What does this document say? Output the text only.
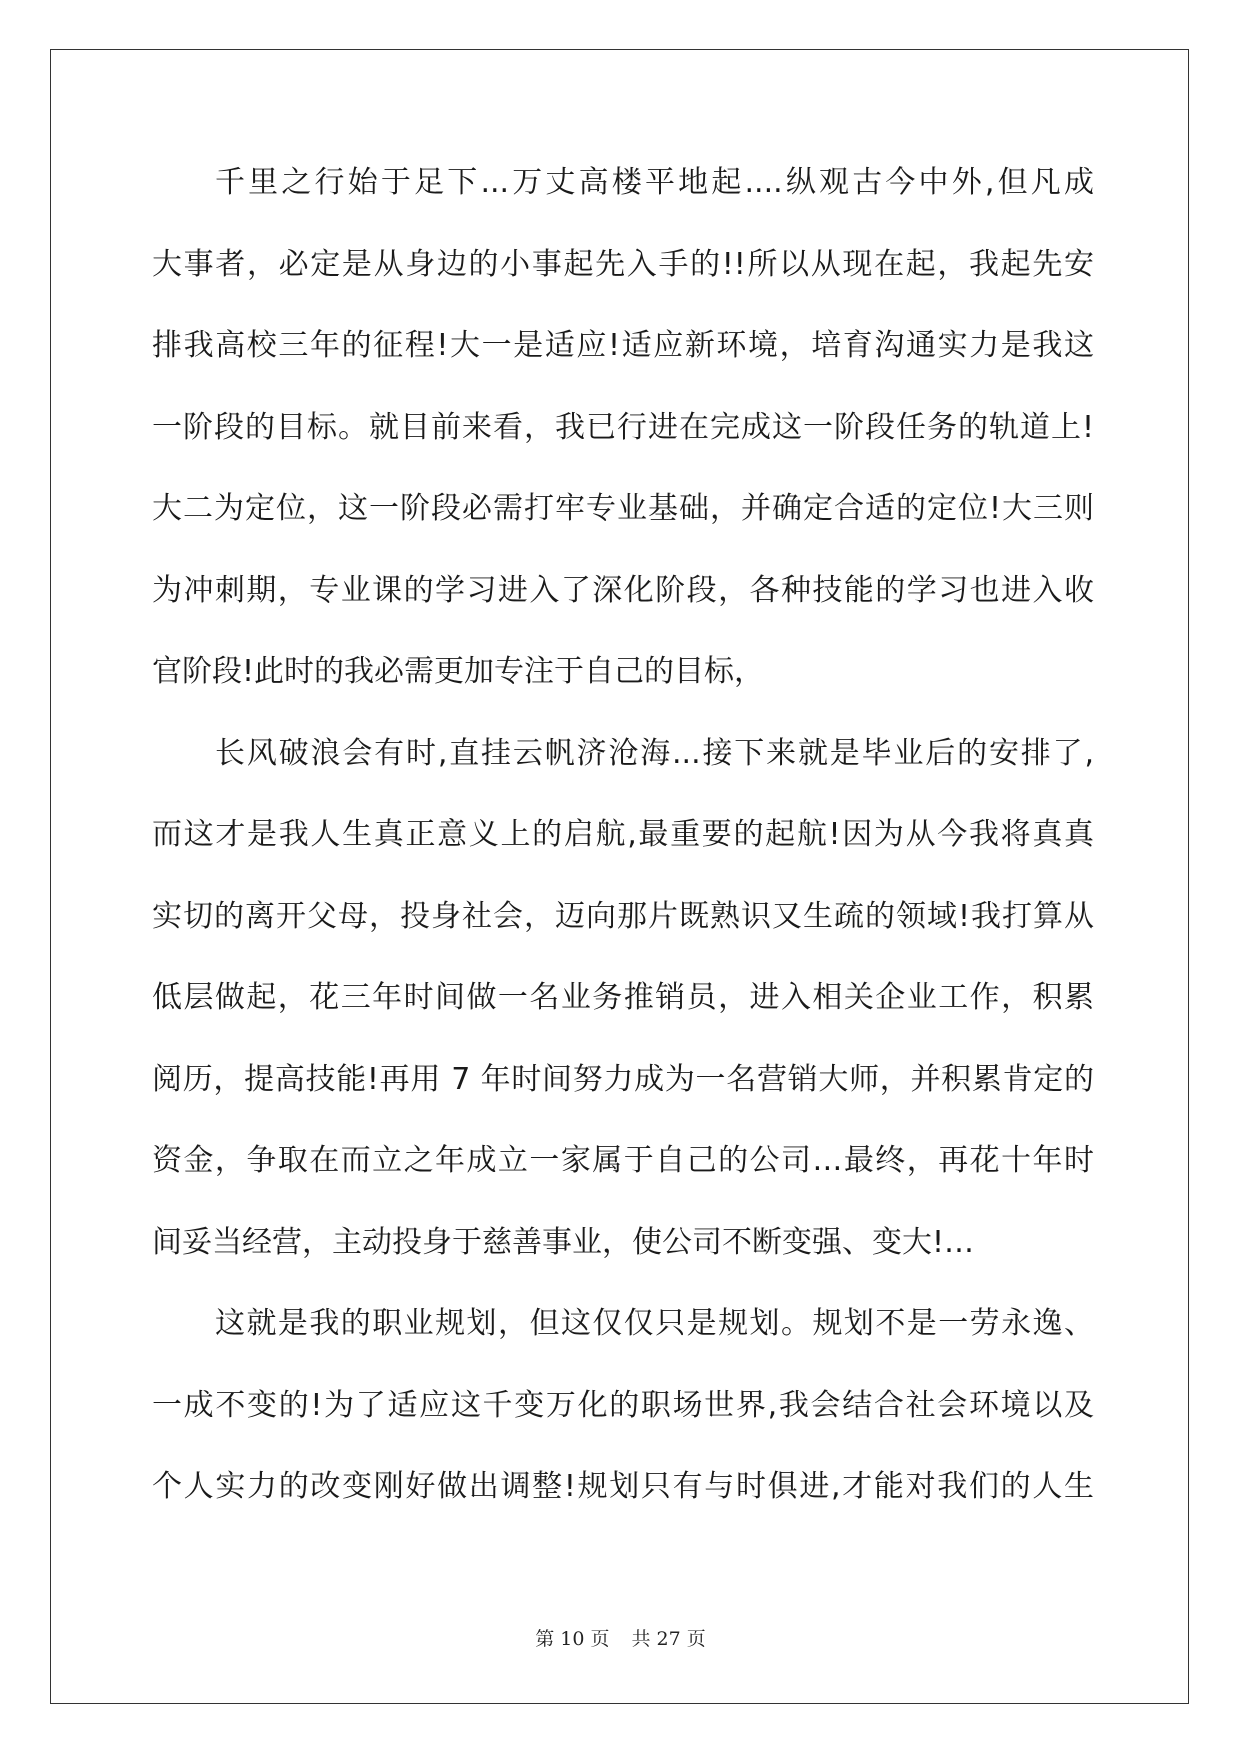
千里之行始于足下...万丈高楼平地起....纵观古今中外,但凡成
大事者，必定是从身边的小事起先入手的!!所以从现在起，我起先安
排我高校三年的征程!大一是适应!适应新环境，培育沟通实力是我这
一阶段的目标。就目前来看，我已行进在完成这一阶段任务的轨道上!
大二为定位，这一阶段必需打牢专业基础，并确定合适的定位!大三则
为冲刺期，专业课的学习进入了深化阶段，各种技能的学习也进入收
官阶段!此时的我必需更加专注于自己的目标，
长风破浪会有时,直挂云帆济沧海...接下来就是毕业后的安排了,
而这才是我人生真正意义上的启航,最重要的起航!因为从今我将真真
实切的离开父母，投身社会，迈向那片既熟识又生疏的领域!我打算从
低层做起，花三年时间做一名业务推销员，进入相关企业工作，积累
阅历，提高技能!再用 7 年时间努力成为一名营销大师，并积累肯定的
资金，争取在而立之年成立一家属于自己的公司…最终，再花十年时
间妥当经营，主动投身于慈善事业，使公司不断变强、变大!…
这就是我的职业规划，但这仅仅只是规划。规划不是一劳永逸、
一成不变的!为了适应这千变万化的职场世界,我会结合社会环境以及
个人实力的改变刚好做出调整!规划只有与时俱进,才能对我们的人生
第 10 页 共 27 页
